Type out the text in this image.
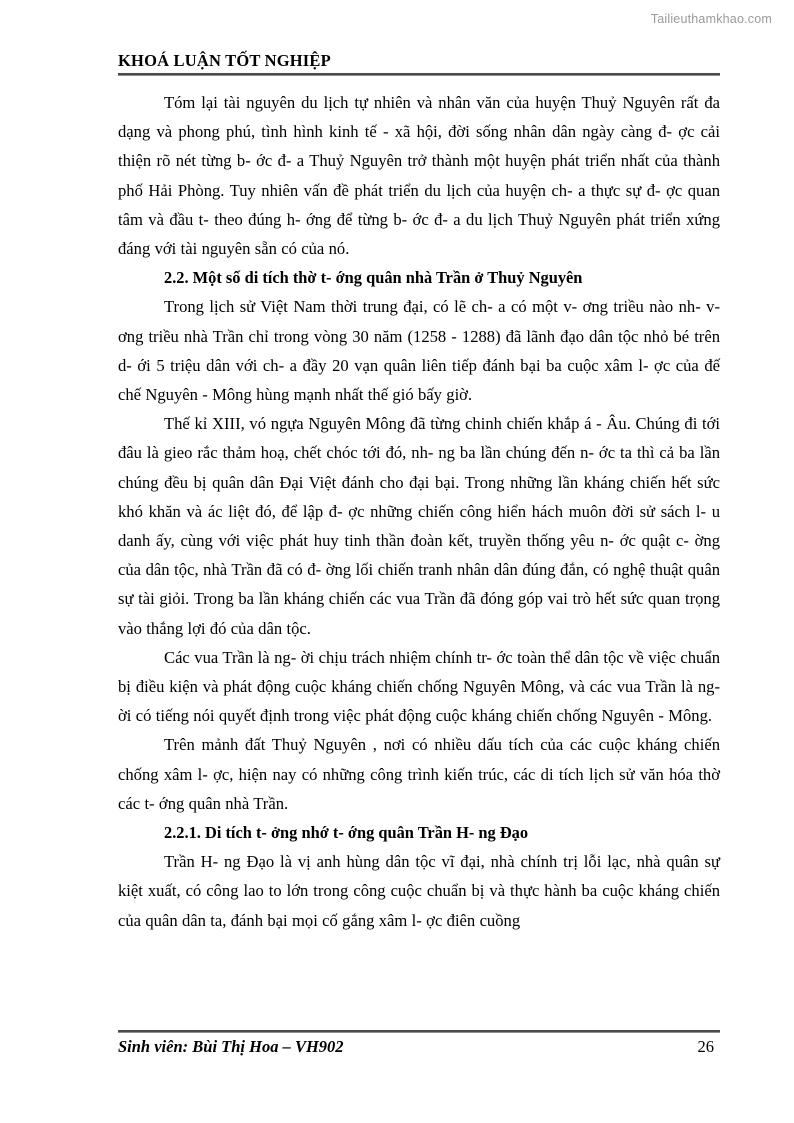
Tailieuthamkhao.com
KHOÁ LUẬN TỐT NGHIỆP

Tóm lại tài nguyên du lịch tự nhiên và nhân văn của huyện Thuỷ Nguyên rất đa dạng và phong phú, tình hình kinh tế - xã hội, đời sống nhân dân ngày càng đ- ợc cải thiện rõ nét từng b- ớc đ- a Thuỷ Nguyên trở thành một huyện phát triển nhất của thành phố Hải Phòng. Tuy nhiên vấn đề phát triển du lịch của huyện ch- a thực sự đ- ợc quan tâm và đầu t- theo đúng h- ớng để từng b- ớc đ- a du lịch Thuỷ Nguyên phát triển xứng đáng với tài nguyên sẵn có của nó.

2.2. Một số di tích thờ t- ớng quân nhà Trần ở Thuỷ Nguyên

Trong lịch sử Việt Nam thời trung đại, có lẽ ch- a có một v- ơng triều nào nh- v- ơng triều nhà Trần chỉ trong vòng 30 năm (1258 - 1288) đã lãnh đạo dân tộc nhỏ bé trên d- ới 5 triệu dân với ch- a đầy 20 vạn quân liên tiếp đánh bại ba cuộc xâm l- ợc của đế chế Nguyên - Mông hùng mạnh nhất thế gió bấy giờ.

Thế kỉ XIII, vó ngựa Nguyên Mông đã từng chinh chiến khắp á - Âu. Chúng đi tới đâu là gieo rắc thảm hoạ, chết chóc tới đó, nh- ng ba lần chúng đến n- ớc ta thì cả ba lần chúng đều bị quân dân Đại Việt đánh cho đại bại. Trong những lần kháng chiến hết sức khó khăn và ác liệt đó, để lập đ- ợc những chiến công hiển hách muôn đời sử sách l- u danh ấy, cùng với việc phát huy tinh thần đoàn kết, truyền thống yêu n- ớc quật c- ờng của dân tộc, nhà Trần đã có đ- ờng lối chiến tranh nhân dân đúng đắn, có nghệ thuật quân sự tài giỏi. Trong ba lần kháng chiến các vua Trần đã đóng góp vai trò hết sức quan trọng vào thắng lợi đó của dân tộc.

Các vua Trần là ng- ời chịu trách nhiệm chính tr- ớc toàn thể dân tộc về việc chuẩn bị điều kiện và phát động cuộc kháng chiến chống Nguyên Mông, và các vua Trần là ng- ời có tiếng nói quyết định trong việc phát động cuộc kháng chiến chống Nguyên - Mông.

Trên mảnh đất Thuỷ Nguyên , nơi có nhiều dấu tích của các cuộc kháng chiến chống xâm l- ợc, hiện nay có những công trình kiến trúc, các di tích lịch sử văn hóa thờ các t- ớng quân nhà Trần.

2.2.1. Di tích t- ởng nhớ t- ớng quân Trần H- ng Đạo

Trần H- ng Đạo là vị anh hùng dân tộc vĩ đại, nhà chính trị lỗi lạc, nhà quân sự kiệt xuất, có công lao to lớn trong công cuộc chuẩn bị và thực hành ba cuộc kháng chiến của quân dân ta, đánh bại mọi cố gắng xâm l- ợc điên cuồng

Sinh viên: Bùi Thị Hoa – VH902	26
